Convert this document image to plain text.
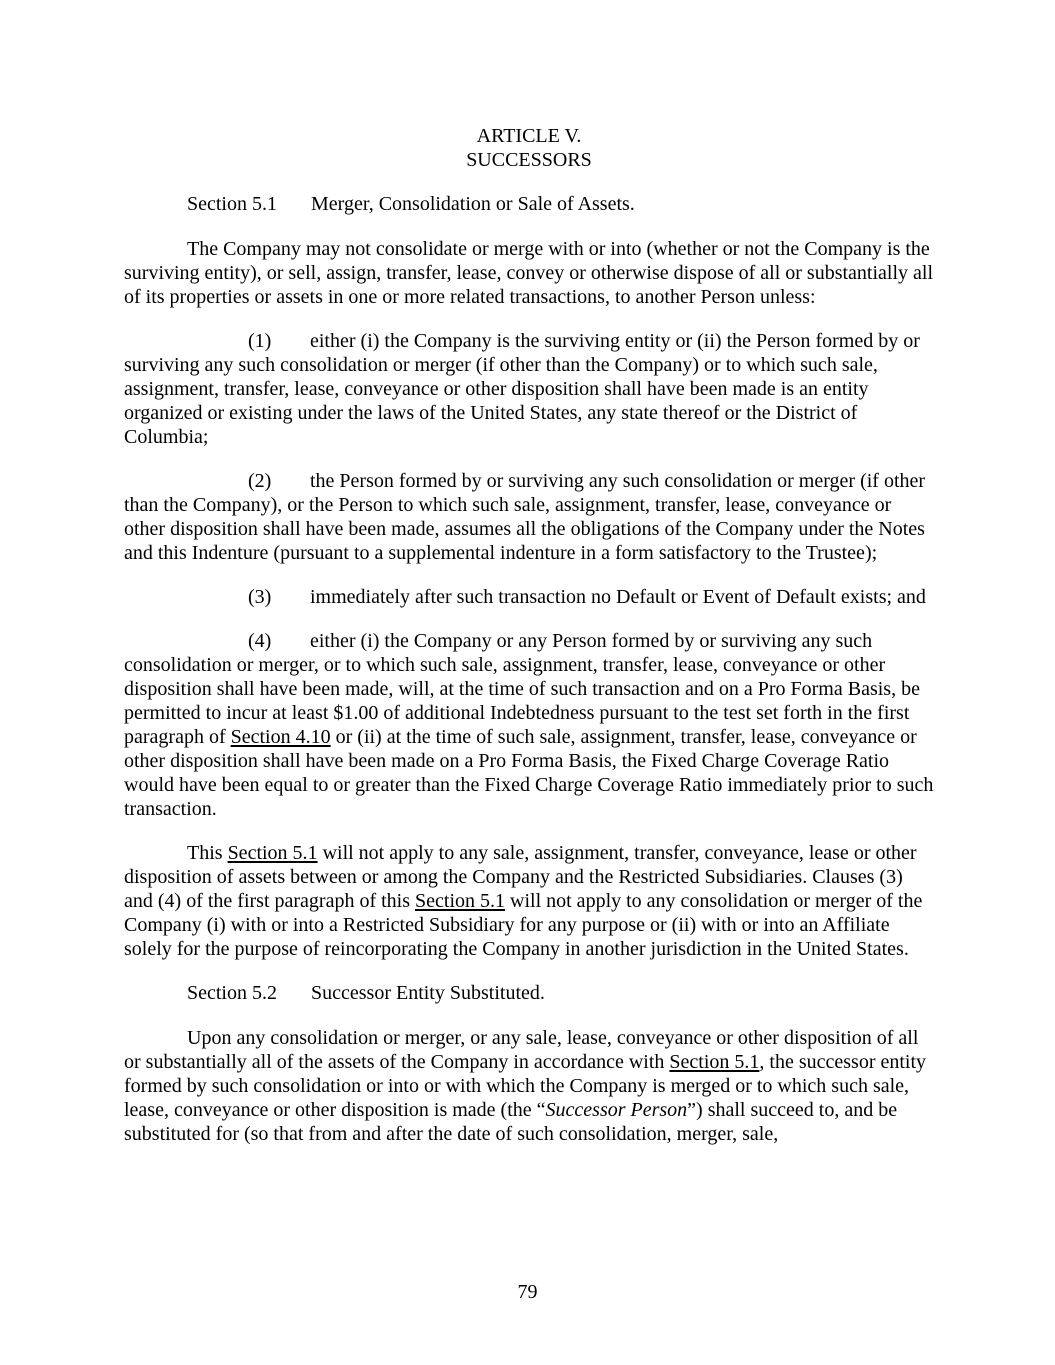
ARTICLE V.

SUCCESSORS

Section 5.1 Merger, Consolidation or Sale of Assets.

The Company may not consolidate or merge with or into (whether or not the Company is the surviving entity), or sell, assign, transfer, lease, convey or otherwise dispose of all or substantially all of its properties or assets in one or more related transactions, to another Person unless:

(1) either (i) the Company is the surviving entity or (ii) the Person formed by or surviving any such consolidation or merger (if other than the Company) or to which such sale, assignment, transfer, lease, conveyance or other disposition shall have been made is an entity organized or existing under the laws of the United States, any state thereof or the District of Columbia;

(2) the Person formed by or surviving any such consolidation or merger (if other than the Company), or the Person to which such sale, assignment, transfer, lease, conveyance or other disposition shall have been made, assumes all the obligations of the Company under the Notes and this Indenture (pursuant to a supplemental indenture in a form satisfactory to the Trustee);

(3) immediately after such transaction no Default or Event of Default exists; and

(4) either (i) the Company or any Person formed by or surviving any such consolidation or merger, or to which such sale, assignment, transfer, lease, conveyance or other disposition shall have been made, will, at the time of such transaction and on a Pro Forma Basis, be permitted to incur at least $1.00 of additional Indebtedness pursuant to the test set forth in the first paragraph of Section 4.10 or (ii) at the time of such sale, assignment, transfer, lease, conveyance or other disposition shall have been made on a Pro Forma Basis, the Fixed Charge Coverage Ratio would have been equal to or greater than the Fixed Charge Coverage Ratio immediately prior to such transaction.

This Section 5.1 will not apply to any sale, assignment, transfer, conveyance, lease or other disposition of assets between or among the Company and the Restricted Subsidiaries. Clauses (3) and (4) of the first paragraph of this Section 5.1 will not apply to any consolidation or merger of the Company (i) with or into a Restricted Subsidiary for any purpose or (ii) with or into an Affiliate solely for the purpose of reincorporating the Company in another jurisdiction in the United States.

Section 5.2 Successor Entity Substituted.

Upon any consolidation or merger, or any sale, lease, conveyance or other disposition of all or substantially all of the assets of the Company in accordance with Section 5.1, the successor entity formed by such consolidation or into or with which the Company is merged or to which such sale, lease, conveyance or other disposition is made (the “Successor Person”) shall succeed to, and be substituted for (so that from and after the date of such consolidation, merger, sale,

79
